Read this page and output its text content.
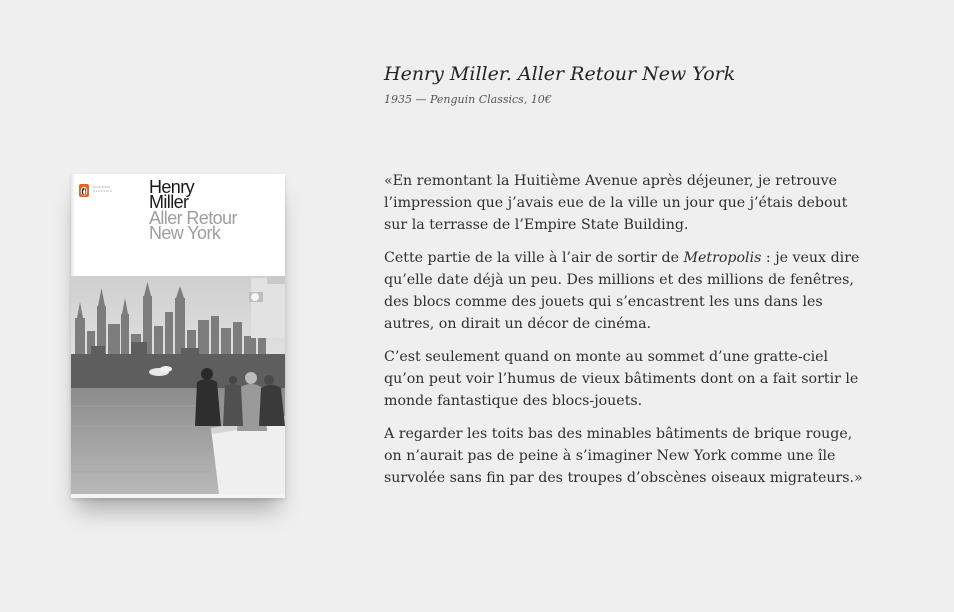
MODERN CLASSICS	Henry
Miller
Aller Retour
New York
Henry Miller. Aller Retour New York

1935 — Penguin Classics, 10€

«En remontant la Huitième Avenue après déjeuner, je retrouve l’impression que j’avais eue de la ville un jour que j’étais debout sur la terrasse de l’Empire State Building.

Cette partie de la ville à l’air de sortir de Metropolis : je veux dire qu’elle date déjà un peu. Des millions et des millions de fenêtres, des blocs comme des jouets qui s’encastrent les uns dans les autres, on dirait un décor de cinéma.

C’est seulement quand on monte au sommet d’une gratte-ciel qu’on peut voir l’humus de vieux bâtiments dont on a fait sortir le monde fantastique des blocs-jouets.

A regarder les toits bas des minables bâtiments de brique rouge, on n’aurait pas de peine à s’imaginer New York comme une île survolée sans fin par des troupes d’obscènes oiseaux migrateurs.»
